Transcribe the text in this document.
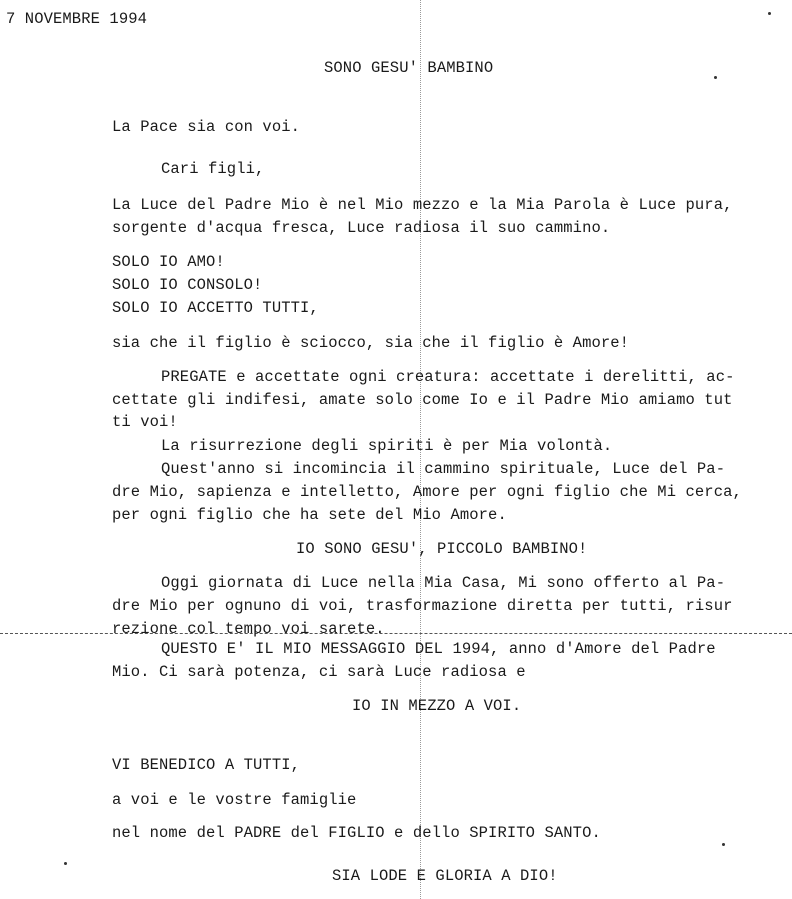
7 NOVEMBRE 1994
SONO GESU' BAMBINO
La Pace sia con voi.
Cari figli,
La Luce del Padre Mio è nel Mio mezzo e la Mia Parola è Luce pura,
sorgente d'acqua fresca, Luce radiosa il suo cammino.
SOLO IO AMO!
SOLO IO CONSOLO!
SOLO IO ACCETTO TUTTI,
sia che il figlio è sciocco, sia che il figlio è Amore!
PREGATE e accettate ogni creatura: accettate i derelitti, ac-
cettate gli indifesi, amate solo come Io e il Padre Mio amiamo tut
ti voi!
La risurrezione degli spiriti è per Mia volontà.
Quest'anno si incomincia il cammino spirituale, Luce del Pa-
dre Mio, sapienza e intelletto, Amore per ogni figlio che Mi cerca,
per ogni figlio che ha sete del Mio Amore.
IO SONO GESU', PICCOLO BAMBINO!
Oggi giornata di Luce nella Mia Casa, Mi sono offerto al Pa-
dre Mio per ognuno di voi, trasformazione diretta per tutti, risur
rezione col tempo voi sarete.
QUESTO E' IL MIO MESSAGGIO DEL 1994, anno d'Amore del Padre
Mio. Ci sarà potenza, ci sarà Luce radiosa e
IO IN MEZZO A VOI.
VI BENEDICO A TUTTI,
a voi e le vostre famiglie
nel nome del PADRE del FIGLIO e dello SPIRITO SANTO.
SIA LODE E GLORIA A DIO!
